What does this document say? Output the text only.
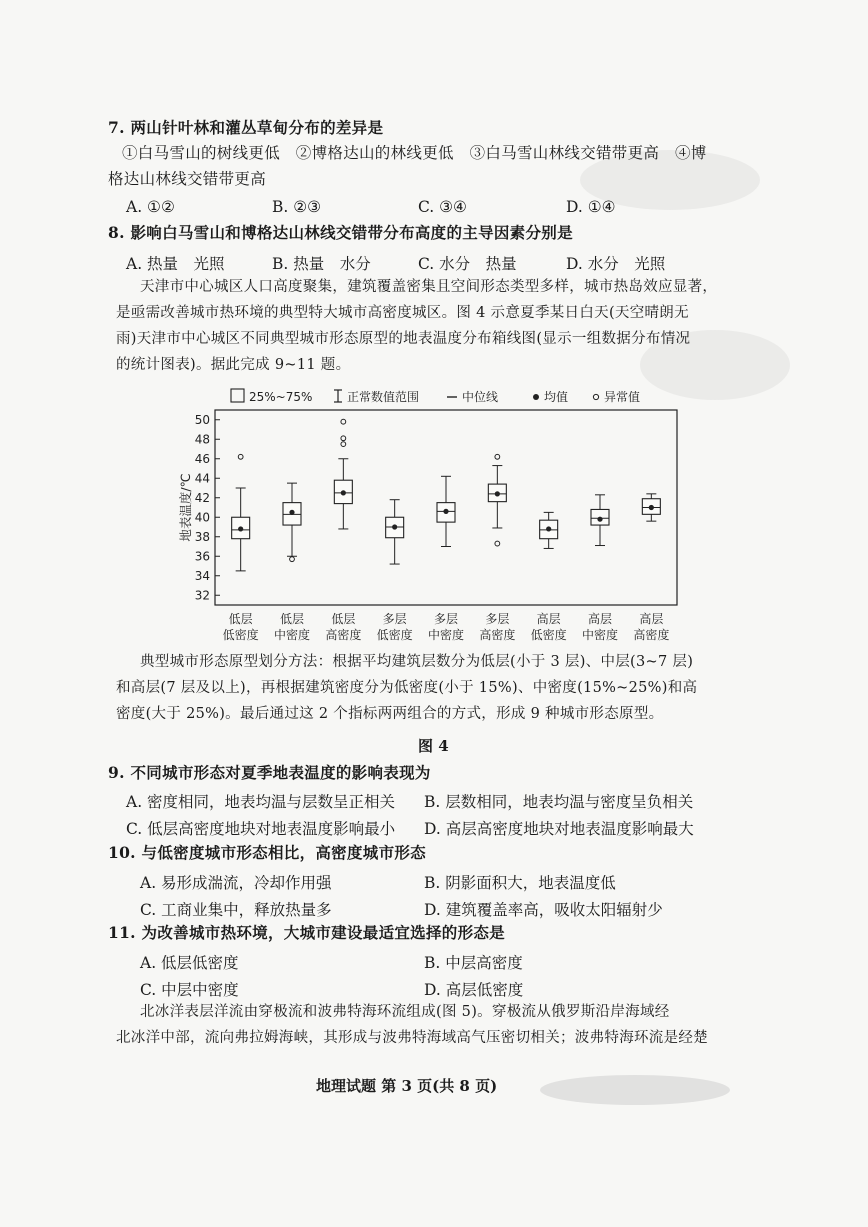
7. 两山针叶林和灌丛草甸分布的差异是
①白马雪山的树线更低　②博格达山的林线更低　③白马雪山林线交错带更高　④博
格达山林线交错带更高
A. ①②	B. ②③	C. ③④	D. ①④
8. 影响白马雪山和博格达山林线交错带分布高度的主导因素分别是
A. 热量　光照	B. 热量　水分	C. 水分　热量	D. 水分　光照
天津市中心城区人口高度聚集，建筑覆盖密集且空间形态类型多样，城市热岛效应显著，
是亟需改善城市热环境的典型特大城市高密度城区。图 4 示意夏季某日白天(天空晴朗无
雨)天津市中心城区不同典型城市形态原型的地表温度分布箱线图(显示一组数据分布情况
的统计图表)。据此完成 9~11 题。
25%~75%	正常数值范围	中位线	均值	异常值
32
34
36
38
40
42
44
46
48
50
地表温度/℃
低层
低密度
低层
中密度
低层
高密度
多层
低密度
多层
中密度
多层
高密度
高层
低密度
高层
中密度
高层
高密度
典型城市形态原型划分方法：根据平均建筑层数分为低层(小于 3 层)、中层(3~7 层)
和高层(7 层及以上)，再根据建筑密度分为低密度(小于 15%)、中密度(15%~25%)和高
密度(大于 25%)。最后通过这 2 个指标两两组合的方式，形成 9 种城市形态原型。
图 4
9. 不同城市形态对夏季地表温度的影响表现为
A. 密度相同，地表均温与层数呈正相关 B. 层数相同，地表均温与密度呈负相关
C. 低层高密度地块对地表温度影响最小 D. 高层高密度地块对地表温度影响最大
10. 与低密度城市形态相比，高密度城市形态
A. 易形成湍流，冷却作用强	B. 阴影面积大，地表温度低
C. 工商业集中，释放热量多	D. 建筑覆盖率高，吸收太阳辐射少
11. 为改善城市热环境，大城市建设最适宜选择的形态是
A. 低层低密度	B. 中层高密度
C. 中层中密度	D. 高层低密度
北冰洋表层洋流由穿极流和波弗特海环流组成(图 5)。穿极流从俄罗斯沿岸海域经
北冰洋中部，流向弗拉姆海峡，其形成与波弗特海域高气压密切相关；波弗特海环流是经楚
地理试题 第 3 页(共 8 页)
